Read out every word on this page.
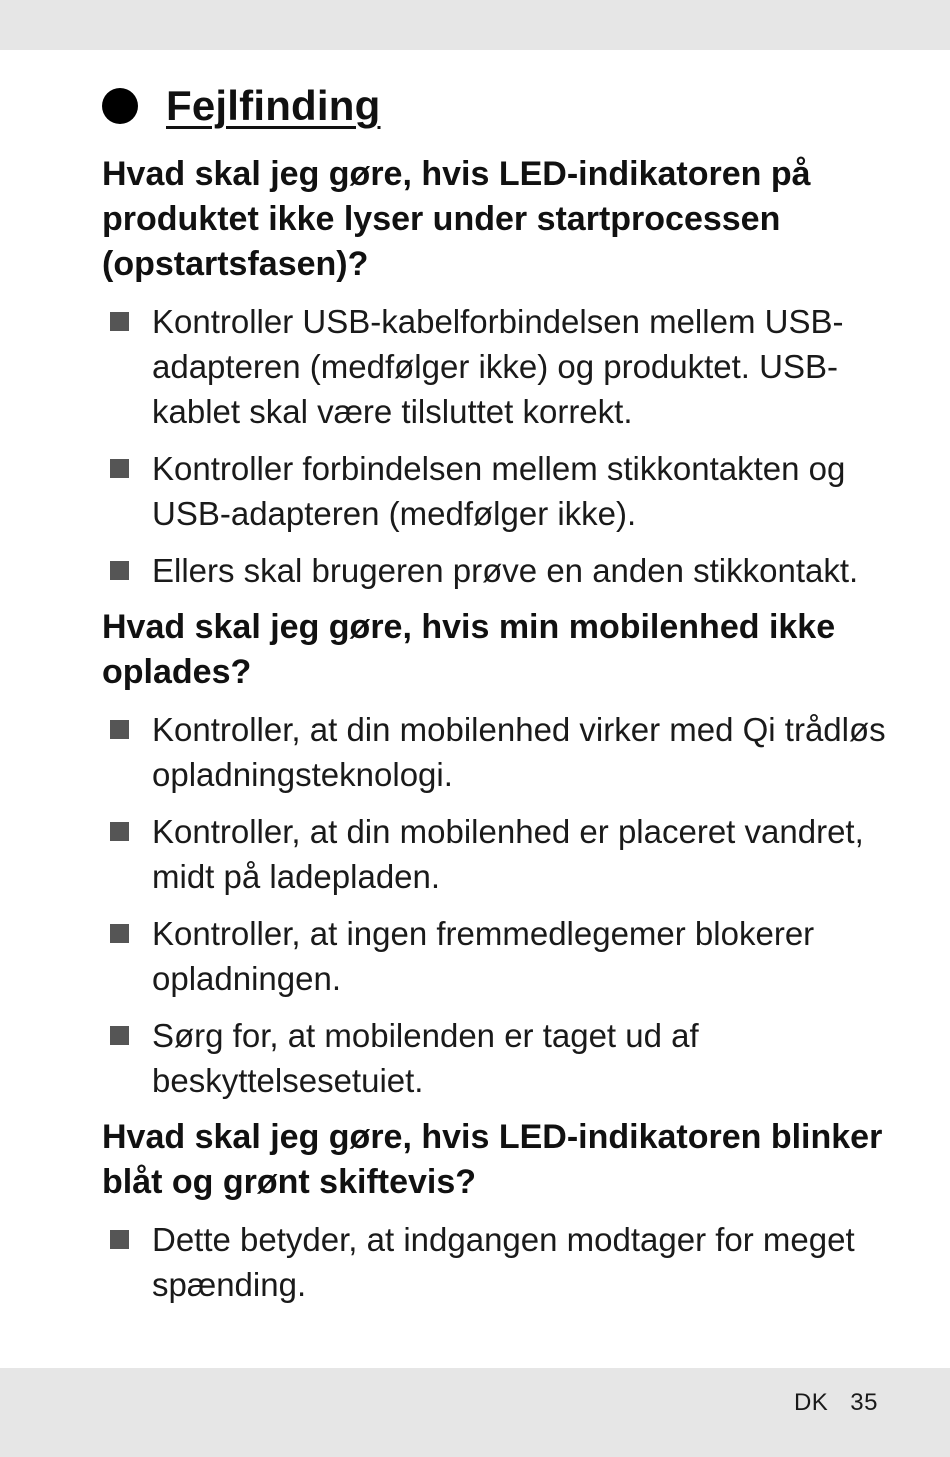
Fejlfinding
Hvad skal jeg gøre, hvis LED-indikatoren på produktet ikke lyser under startprocessen (opstartsfasen)?
Kontroller USB-kabelforbindelsen mellem USB-adapteren (medfølger ikke) og produktet. USB-kablet skal være tilsluttet korrekt.
Kontroller forbindelsen mellem stikkontakten og USB-adapteren (medfølger ikke).
Ellers skal brugeren prøve en anden stikkontakt.
Hvad skal jeg gøre, hvis min mobilenhed ikke oplades?
Kontroller, at din mobilenhed virker med Qi trådløs opladningsteknologi.
Kontroller, at din mobilenhed er placeret vandret, midt på ladepladen.
Kontroller, at ingen fremmedlegemer blokerer opladningen.
Sørg for, at mobilenden er taget ud af beskyttelsesetuiet.
Hvad skal jeg gøre, hvis LED-indikatoren blinker blåt og grønt skiftevis?
Dette betyder, at indgangen modtager for meget spænding.
DK 35
